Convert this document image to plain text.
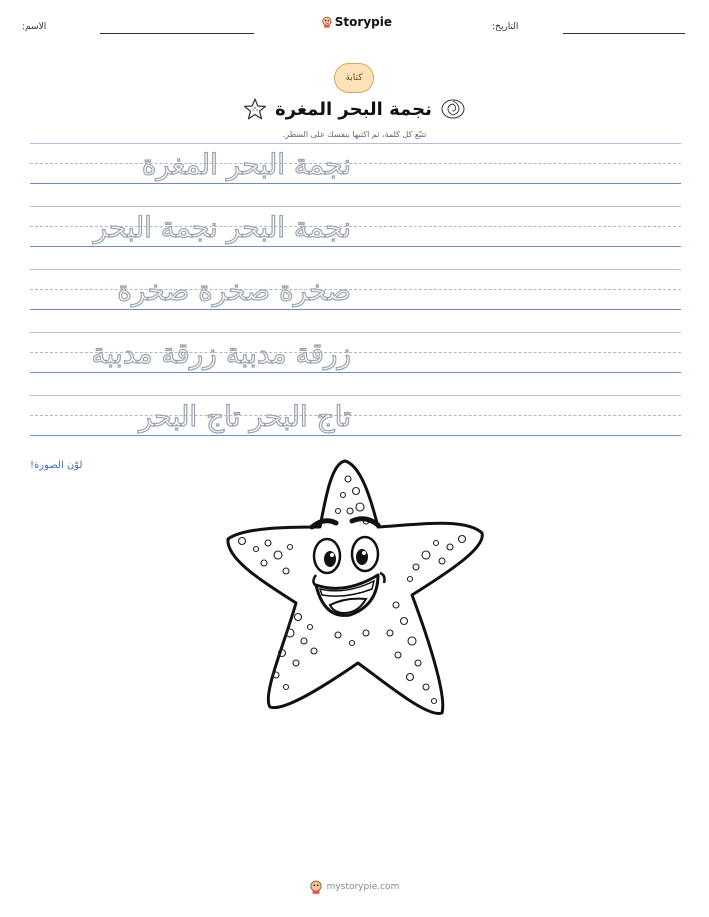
الاسم:	Storypie	التاريخ:
كتابة
نجمة البحر المغرة
تتبّع كل كلمة، ثم اكتبها بنفسك على السطر.
نجمة البحر المغرة
نجمة البحر نجمة البحر
صخرة صخرة صخرة
زرقة مدببة زرقة مدببة
تاج البحر تاج البحر
لوّن الصورة!
mystorypie.com
